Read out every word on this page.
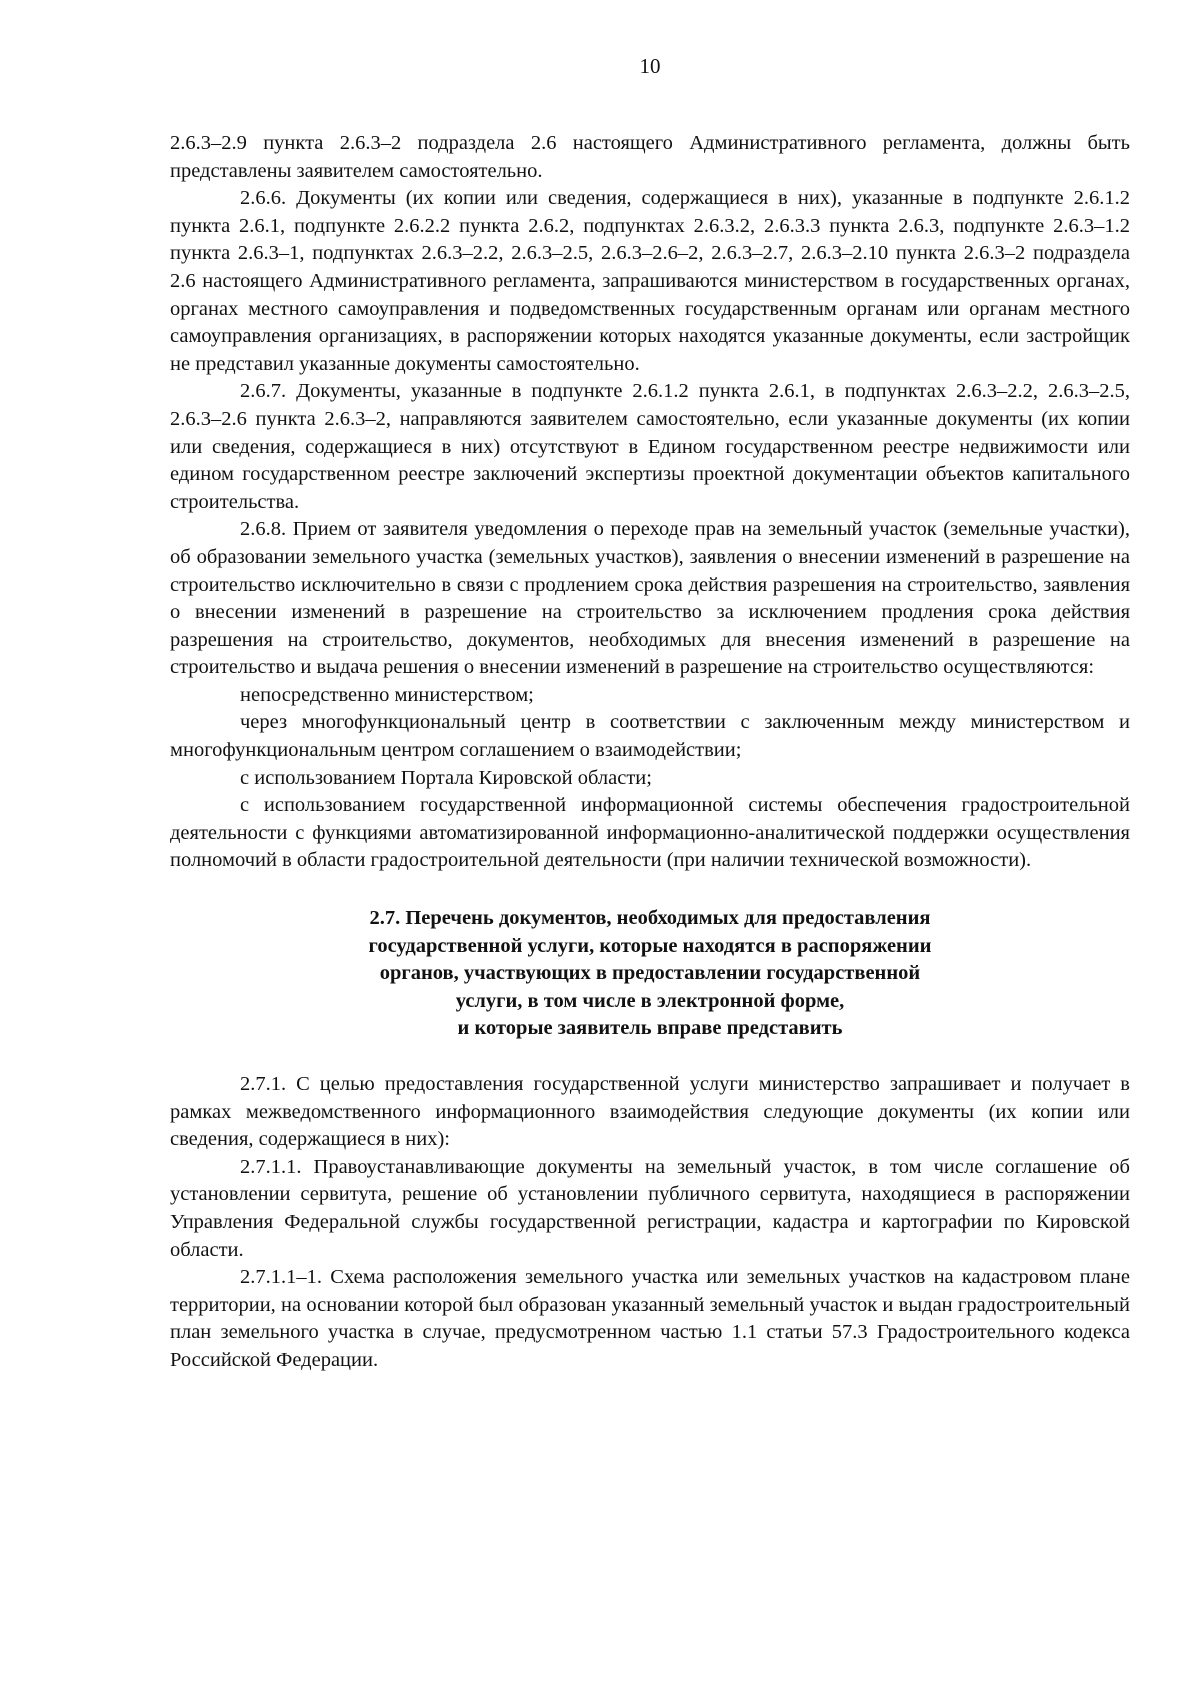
10

2.6.3–2.9 пункта 2.6.3–2 подраздела 2.6 настоящего Административного регламента, должны быть представлены заявителем самостоятельно.

2.6.6. Документы (их копии или сведения, содержащиеся в них), указанные в подпункте 2.6.1.2 пункта 2.6.1, подпункте 2.6.2.2 пункта 2.6.2, подпунктах 2.6.3.2, 2.6.3.3 пункта 2.6.3, подпункте 2.6.3–1.2 пункта 2.6.3–1, подпунктах 2.6.3–2.2, 2.6.3–2.5, 2.6.3–2.6–2, 2.6.3–2.7, 2.6.3–2.10 пункта 2.6.3–2 подраздела 2.6 настоящего Административного регламента, запрашиваются министерством в государственных органах, органах местного самоуправления и подведомственных государственным органам или органам местного самоуправления организациях, в распоряжении которых находятся указанные документы, если застройщик не представил указанные документы самостоятельно.

2.6.7. Документы, указанные в подпункте 2.6.1.2 пункта 2.6.1, в подпунктах 2.6.3–2.2, 2.6.3–2.5, 2.6.3–2.6 пункта 2.6.3–2, направляются заявителем самостоятельно, если указанные документы (их копии или сведения, содержащиеся в них) отсутствуют в Едином государственном реестре недвижимости или едином государственном реестре заключений экспертизы проектной документации объектов капитального строительства.

2.6.8. Прием от заявителя уведомления о переходе прав на земельный участок (земельные участки), об образовании земельного участка (земельных участков), заявления о внесении изменений в разрешение на строительство исключительно в связи с продлением срока действия разрешения на строительство, заявления о внесении изменений в разрешение на строительство за исключением продления срока действия разрешения на строительство, документов, необходимых для внесения изменений в разрешение на строительство и выдача решения о внесении изменений в разрешение на строительство осуществляются:

непосредственно министерством;

через многофункциональный центр в соответствии с заключенным между министерством и многофункциональным центром соглашением о взаимодействии;

с использованием Портала Кировской области;

с использованием государственной информационной системы обеспечения градостроительной деятельности с функциями автоматизированной информационно-аналитической поддержки осуществления полномочий в области градостроительной деятельности (при наличии технической возможности).

2.7. Перечень документов, необходимых для предоставления
государственной услуги, которые находятся в распоряжении
органов, участвующих в предоставлении государственной
услуги, в том числе в электронной форме,
и которые заявитель вправе представить

2.7.1. С целью предоставления государственной услуги министерство запрашивает и получает в рамках межведомственного информационного взаимодействия следующие документы (их копии или сведения, содержащиеся в них):

2.7.1.1. Правоустанавливающие документы на земельный участок, в том числе соглашение об установлении сервитута, решение об установлении публичного сервитута, находящиеся в распоряжении Управления Федеральной службы государственной регистрации, кадастра и картографии по Кировской области.

2.7.1.1–1. Схема расположения земельного участка или земельных участков на кадастровом плане территории, на основании которой был образован указанный земельный участок и выдан градостроительный план земельного участка в случае, предусмотренном частью 1.1 статьи 57.3 Градостроительного кодекса Российской Федерации.
